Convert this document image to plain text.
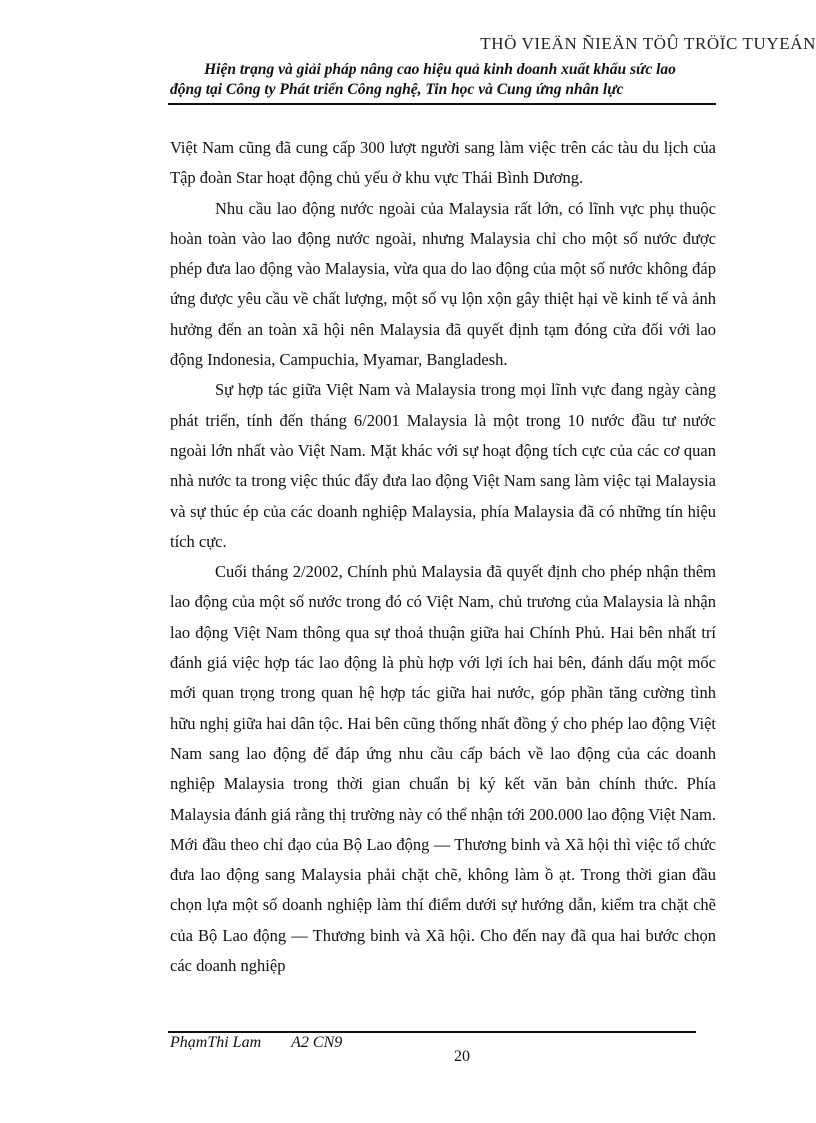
THÖ VIEÄN ÑIEÄN TÖÛ TRÖÏC TUYEÁN
Hiện trạng và giải pháp nâng cao hiệu quả kinh doanh xuất khẩu sức lao
động tại Công ty Phát triển Công nghệ, Tin học và Cung ứng nhân lực

Việt Nam cũng đã cung cấp 300 lượt người sang làm việc trên các tàu du lịch của Tập đoàn Star hoạt động chủ yếu ở khu vực Thái Bình Dương.

Nhu cầu lao động nước ngoài của Malaysia rất lớn, có lĩnh vực phụ thuộc hoàn toàn vào lao động nước ngoài, nhưng Malaysia chỉ cho một số nước được phép đưa lao động vào Malaysia, vừa qua do lao động của một số nước không đáp ứng được yêu cầu về chất lượng, một số vụ lộn xộn gây thiệt hại về kinh tế và ảnh hưởng đến an toàn xã hội nên Malaysia đã quyết định tạm đóng cửa đối với lao động Indonesia, Campuchia, Myamar, Bangladesh.

Sự hợp tác giữa Việt Nam và Malaysia trong mọi lĩnh vực đang ngày càng phát triển, tính đến tháng 6/2001 Malaysia là một trong 10 nước đầu tư nước ngoài lớn nhất vào Việt Nam. Mặt khác với sự hoạt động tích cực của các cơ quan nhà nước ta trong việc thúc đẩy đưa lao động Việt Nam sang làm việc tại Malaysia và sự thúc ép của các doanh nghiệp Malaysia, phía Malaysia đã có những tín hiệu tích cực.

Cuối tháng 2/2002, Chính phủ Malaysia đã quyết định cho phép nhận thêm lao động của một số nước trong đó có Việt Nam, chủ trương của Malaysia là nhận lao động Việt Nam thông qua sự thoả thuận giữa hai Chính Phủ. Hai bên nhất trí đánh giá việc hợp tác lao động là phù hợp với lợi ích hai bên, đánh dấu một mốc mới quan trọng trong quan hệ hợp tác giữa hai nước, góp phần tăng cường tình hữu nghị giữa hai dân tộc. Hai bên cũng thống nhất đồng ý cho phép lao động Việt Nam sang lao động để đáp ứng nhu cầu cấp bách về lao động của các doanh nghiệp Malaysia trong thời gian chuẩn bị ký kết văn bản chính thức. Phía Malaysia đánh giá rằng thị trường này có thể nhận tới 200.000 lao động Việt Nam. Mới đầu theo chỉ đạo của Bộ Lao động — Thương binh và Xã hội thì việc tổ chức đưa lao động sang Malaysia phải chặt chẽ, không làm ồ ạt. Trong thời gian đầu chọn lựa một số doanh nghiệp làm thí điểm dưới sự hướng dẫn, kiểm tra chặt chẽ của Bộ Lao động — Thương binh và Xã hội. Cho đến nay đã qua hai bước chọn các doanh nghiệp

PhạmThi Lam A2 CN9
20
